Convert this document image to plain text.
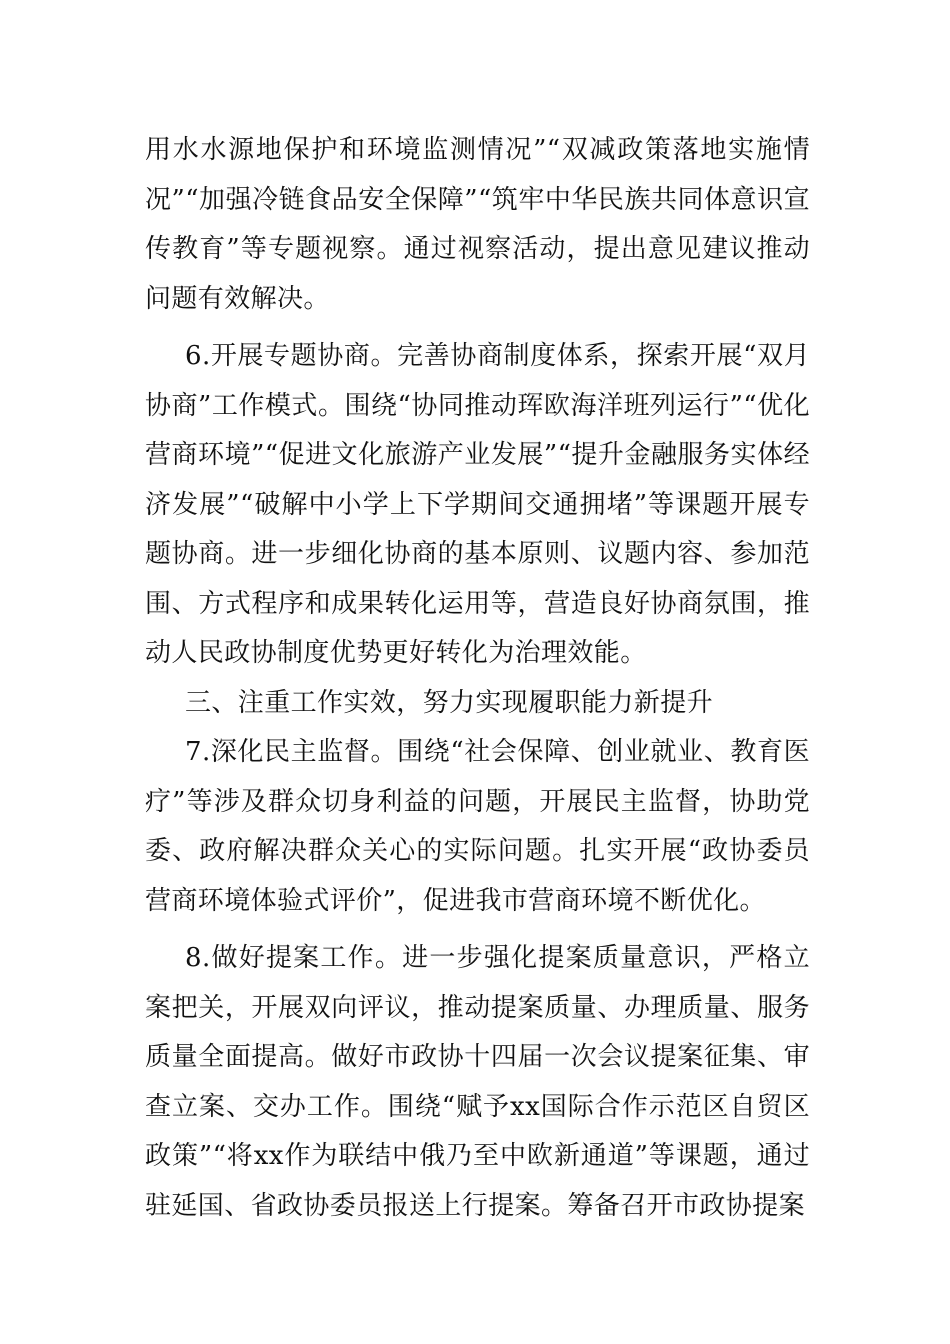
用水水源地保护和环境监测情况”“双减政策落地实施情况”“加强冷链食品安全保障”“筑牢中华民族共同体意识宣传教育”等专题视察。通过视察活动，提出意见建议推动问题有效解决。

6.开展专题协商。完善协商制度体系，探索开展“双月协商”工作模式。围绕“协同推动珲欧海洋班列运行”“优化营商环境”“促进文化旅游产业发展”“提升金融服务实体经济发展”“破解中小学上下学期间交通拥堵”等课题开展专题协商。进一步细化协商的基本原则、议题内容、参加范围、方式程序和成果转化运用等，营造良好协商氛围，推动人民政协制度优势更好转化为治理效能。

三、注重工作实效，努力实现履职能力新提升

7.深化民主监督。围绕“社会保障、创业就业、教育医疗”等涉及群众切身利益的问题，开展民主监督，协助党委、政府解决群众关心的实际问题。扎实开展“政协委员营商环境体验式评价”，促进我市营商环境不断优化。

8.做好提案工作。进一步强化提案质量意识，严格立案把关，开展双向评议，推动提案质量、办理质量、服务质量全面提高。做好市政协十四届一次会议提案征集、审查立案、交办工作。围绕“赋予xx国际合作示范区自贸区政策”“将xx作为联结中俄乃至中欧新通道”等课题，通过驻延国、省政协委员报送上行提案。筹备召开市政协提案
